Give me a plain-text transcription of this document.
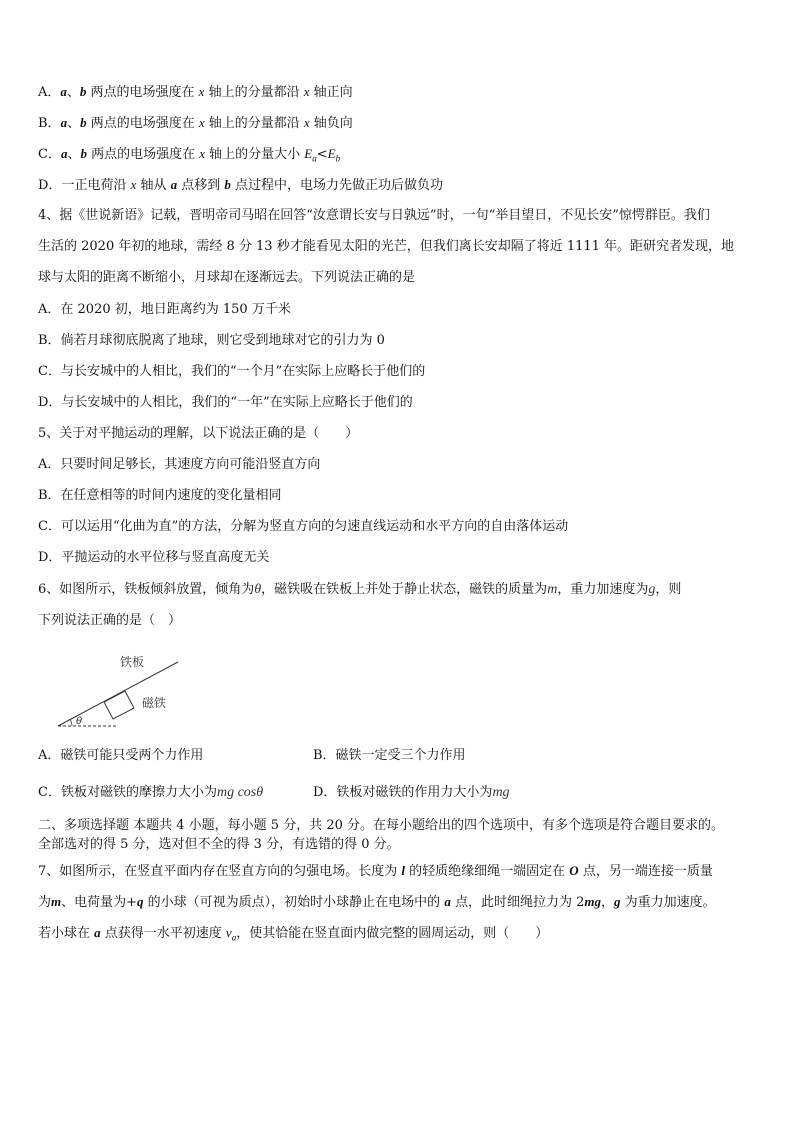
A．a、b 两点的电场强度在 x 轴上的分量都沿 x 轴正向
B．a、b 两点的电场强度在 x 轴上的分量都沿 x 轴负向
C．a、b 两点的电场强度在 x 轴上的分量大小 $E_a<E_b$
D．一正电荷沿 x 轴从 a 点移到 b 点过程中，电场力先做正功后做负功
4、据《世说新语》记载，晋明帝司马昭在回答“汝意谓长安与日孰远”时，一句“举目望日，不见长安”惊愕群臣。我们
生活的 2020 年初的地球，需经 8 分 13 秒才能看见太阳的光芒，但我们离长安却隔了将近 1111 年。距研究者发现，地
球与太阳的距离不断缩小，月球却在逐渐远去。下列说法正确的是
A．在 2020 初，地日距离约为 150 万千米
B．倘若月球彻底脱离了地球，则它受到地球对它的引力为 0
C．与长安城中的人相比，我们的“一个月”在实际上应略长于他们的
D．与长安城中的人相比，我们的“一年”在实际上应略长于他们的
5、关于对平抛运动的理解，以下说法正确的是（　　）
A．只要时间足够长，其速度方向可能沿竖直方向
B．在任意相等的时间内速度的变化量相同
C．可以运用“化曲为直”的方法，分解为竖直方向的匀速直线运动和水平方向的自由落体运动
D．平抛运动的水平位移与竖直高度无关
6、如图所示，铁板倾斜放置，倾角为θ，磁铁吸在铁板上并处于静止状态，磁铁的质量为m，重力加速度为g，则
下列说法正确的是（　）
铁板
磁铁
θ
A．磁铁可能只受两个力作用	B．磁铁一定受三个力作用
C．铁板对磁铁的摩擦力大小为mg cosθ	D．铁板对磁铁的作用力大小为mg
二、多项选择题 本题共 4 小题，每小题 5 分，共 20 分。在每小题给出的四个选项中，有多个选项是符合题目要求的。
全部选对的得 5 分，选对但不全的得 3 分，有选错的得 0 分。
7、如图所示，在竖直平面内存在竖直方向的匀强电场。长度为 l 的轻质绝缘细绳一端固定在 O 点，另一端连接一质量
为m、电荷量为+q 的小球（可视为质点），初始时小球静止在电场中的 a 点，此时细绳拉力为 2mg，g 为重力加速度。
若小球在 a 点获得一水平初速度 $v_a$，使其恰能在竖直面内做完整的圆周运动，则（　　）
